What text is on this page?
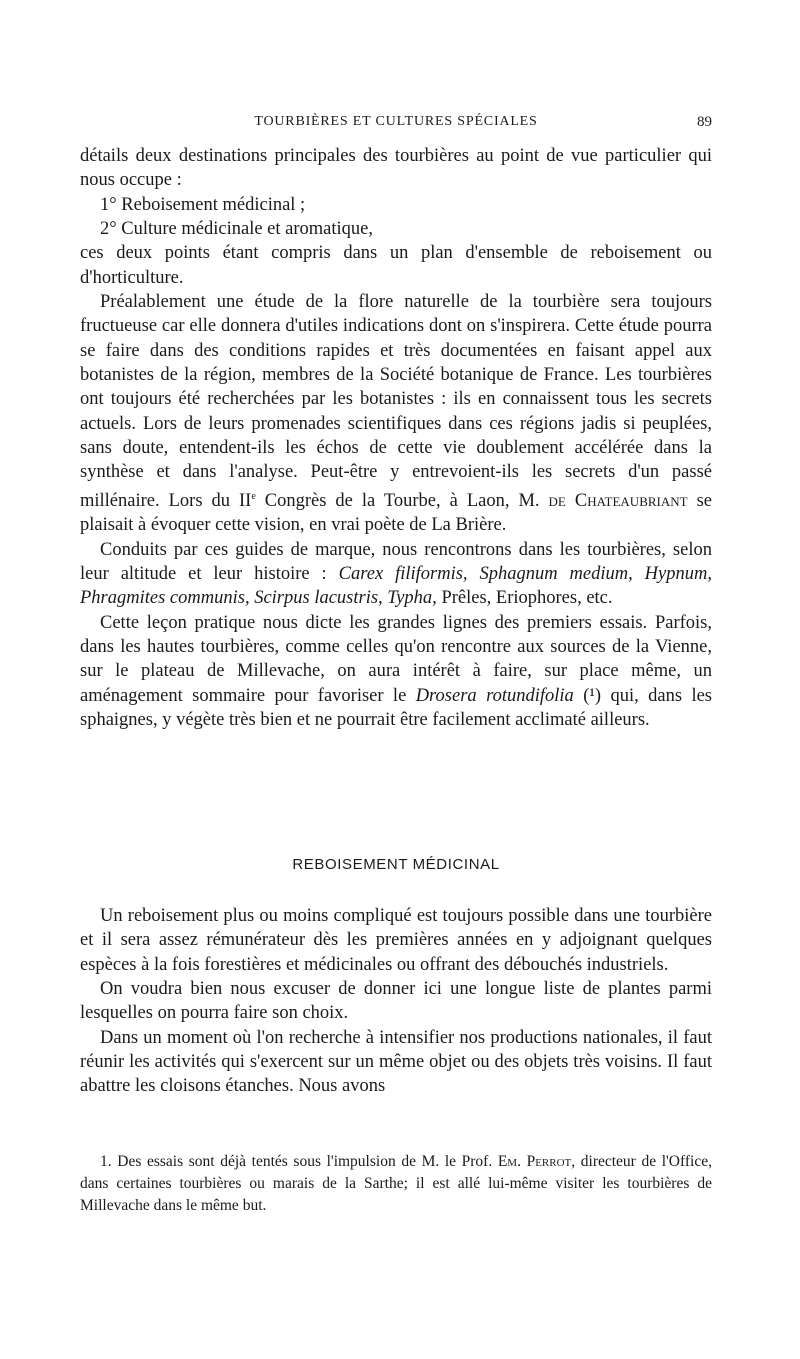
TOURBIÈRES ET CULTURES SPÉCIALES	89

détails deux destinations principales des tourbières au point de vue particulier qui nous occupe :

1° Reboisement médicinal ;

2° Culture médicinale et aromatique,

ces deux points étant compris dans un plan d'ensemble de reboisement ou d'horticulture.

Préalablement une étude de la flore naturelle de la tourbière sera toujours fructueuse car elle donnera d'utiles indications dont on s'inspirera. Cette étude pourra se faire dans des conditions rapides et très documentées en faisant appel aux botanistes de la région, membres de la Société botanique de France. Les tourbières ont toujours été recherchées par les botanistes : ils en connaissent tous les secrets actuels. Lors de leurs promenades scientifiques dans ces régions jadis si peuplées, sans doute, entendent-ils les échos de cette vie doublement accélérée dans la synthèse et dans l'analyse. Peut-être y entrevoient-ils les secrets d'un passé millénaire. Lors du IIe Congrès de la Tourbe, à Laon, M. de Chateaubriant se plaisait à évoquer cette vision, en vrai poète de La Brière.

Conduits par ces guides de marque, nous rencontrons dans les tourbières, selon leur altitude et leur histoire : Carex filiformis, Sphagnum medium, Hypnum, Phragmites communis, Scirpus lacustris, Typha, Prêles, Eriophores, etc.

Cette leçon pratique nous dicte les grandes lignes des premiers essais. Parfois, dans les hautes tourbières, comme celles qu'on rencontre aux sources de la Vienne, sur le plateau de Millevache, on aura intérêt à faire, sur place même, un aménagement sommaire pour favoriser le Drosera rotundifolia (¹) qui, dans les sphaignes, y végète très bien et ne pourrait être facilement acclimaté ailleurs.

REBOISEMENT MÉDICINAL

Un reboisement plus ou moins compliqué est toujours possible dans une tourbière et il sera assez rémunérateur dès les premières années en y adjoignant quelques espèces à la fois forestières et médicinales ou offrant des débouchés industriels.

On voudra bien nous excuser de donner ici une longue liste de plantes parmi lesquelles on pourra faire son choix.

Dans un moment où l'on recherche à intensifier nos productions nationales, il faut réunir les activités qui s'exercent sur un même objet ou des objets très voisins. Il faut abattre les cloisons étanches. Nous avons

1. Des essais sont déjà tentés sous l'impulsion de M. le Prof. Em. Perrot, directeur de l'Office, dans certaines tourbières ou marais de la Sarthe; il est allé lui-même visiter les tourbières de Millevache dans le même but.
